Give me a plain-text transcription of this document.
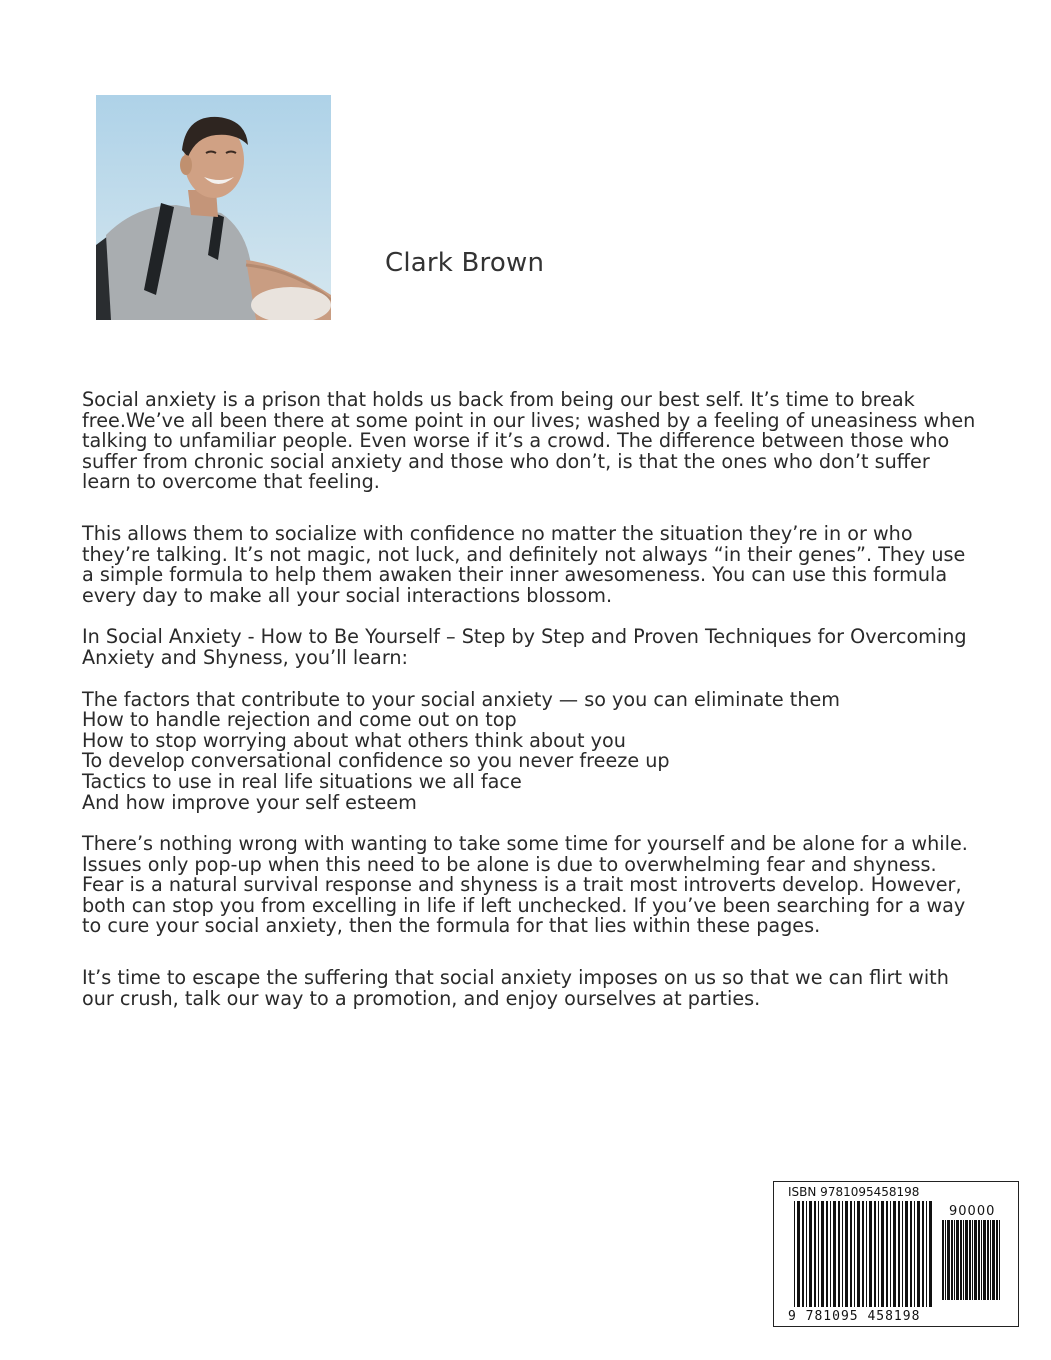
Clark Brown

Social anxiety is a prison that holds us back from being our best self. It’s time to break free.We’ve all been there at some point in our lives; washed by a feeling of uneasiness when talking to unfamiliar people. Even worse if it’s a crowd. The difference between those who suffer from chronic social anxiety and those who don’t, is that the ones who don’t suffer learn to overcome that feeling.

This allows them to socialize with confidence no matter the situation they’re in or who they’re talking. It’s not magic, not luck, and definitely not always “in their genes”. They use a simple formula to help them awaken their inner awesomeness. You can use this formula every day to make all your social interactions blossom.

In Social Anxiety - How to Be Yourself – Step by Step and Proven Techniques for Overcoming Anxiety and Shyness, you’ll learn:

The factors that contribute to your social anxiety — so you can eliminate them

How to handle rejection and come out on top

How to stop worrying about what others think about you

To develop conversational confidence so you never freeze up

Tactics to use in real life situations we all face

And how improve your self esteem

There’s nothing wrong with wanting to take some time for yourself and be alone for a while. Issues only pop-up when this need to be alone is due to overwhelming fear and shyness. Fear is a natural survival response and shyness is a trait most introverts develop. However, both can stop you from excelling in life if left unchecked. If you’ve been searching for a way to cure your social anxiety, then the formula for that lies within these pages.

It’s time to escape the suffering that social anxiety imposes on us so that we can flirt with our crush, talk our way to a promotion, and enjoy ourselves at parties.

ISBN 9781095458198
90000
9 781095 458198
